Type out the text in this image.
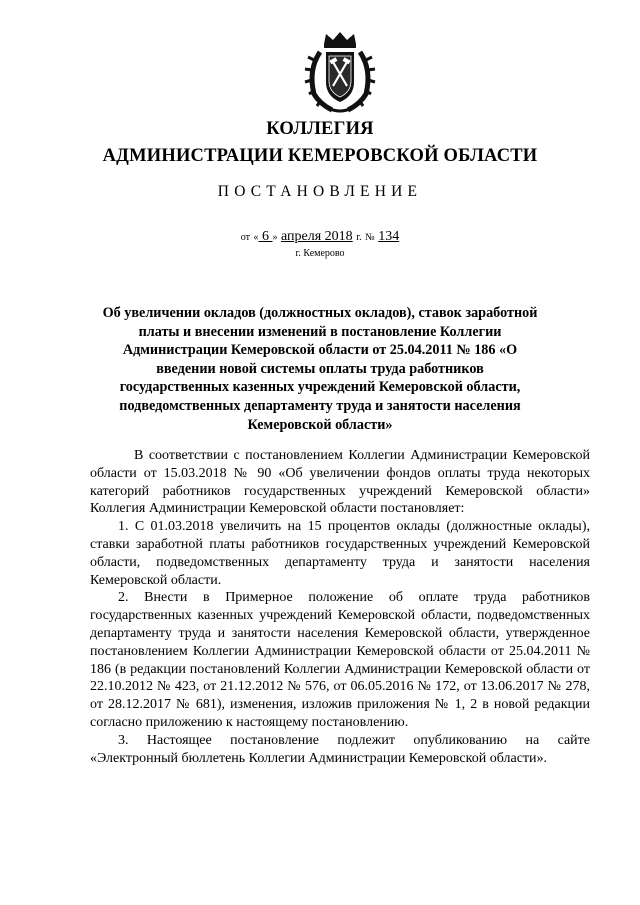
КОЛЛЕГИЯ
АДМИНИСТРАЦИИ КЕМЕРОВСКОЙ ОБЛАСТИ
ПОСТАНОВЛЕНИЕ
от « 6 » апреля 2018 г. № 134
г. Кемерово
Об увеличении окладов (должностных окладов), ставок заработной платы и внесении изменений в постановление Коллегии Администрации Кемеровской области от 25.04.2011 № 186 «О введении новой системы оплаты труда работников государственных казенных учреждений Кемеровской области, подведомственных департаменту труда и занятости населения Кемеровской области»

В соответствии с постановлением Коллегии Администрации Кемеровской области от 15.03.2018 № 90 «Об увеличении фондов оплаты труда некоторых категорий работников государственных учреждений Кемеровской области» Коллегия Администрации Кемеровской области постановляет:

1. С 01.03.2018 увеличить на 15 процентов оклады (должностные оклады), ставки заработной платы работников государственных учреждений Кемеровской области, подведомственных департаменту труда и занятости населения Кемеровской области.

2. Внести в Примерное положение об оплате труда работников государственных казенных учреждений Кемеровской области, подведомственных департаменту труда и занятости населения Кемеровской области, утвержденное постановлением Коллегии Администрации Кемеровской области от 25.04.2011 № 186 (в редакции постановлений Коллегии Администрации Кемеровской области от 22.10.2012 № 423, от 21.12.2012 № 576, от 06.05.2016 № 172, от 13.06.2017 № 278, от 28.12.2017 № 681), изменения, изложив приложения № 1, 2 в новой редакции согласно приложению к настоящему постановлению.

3. Настоящее постановление подлежит опубликованию на сайте «Электронный бюллетень Коллегии Администрации Кемеровской области».
